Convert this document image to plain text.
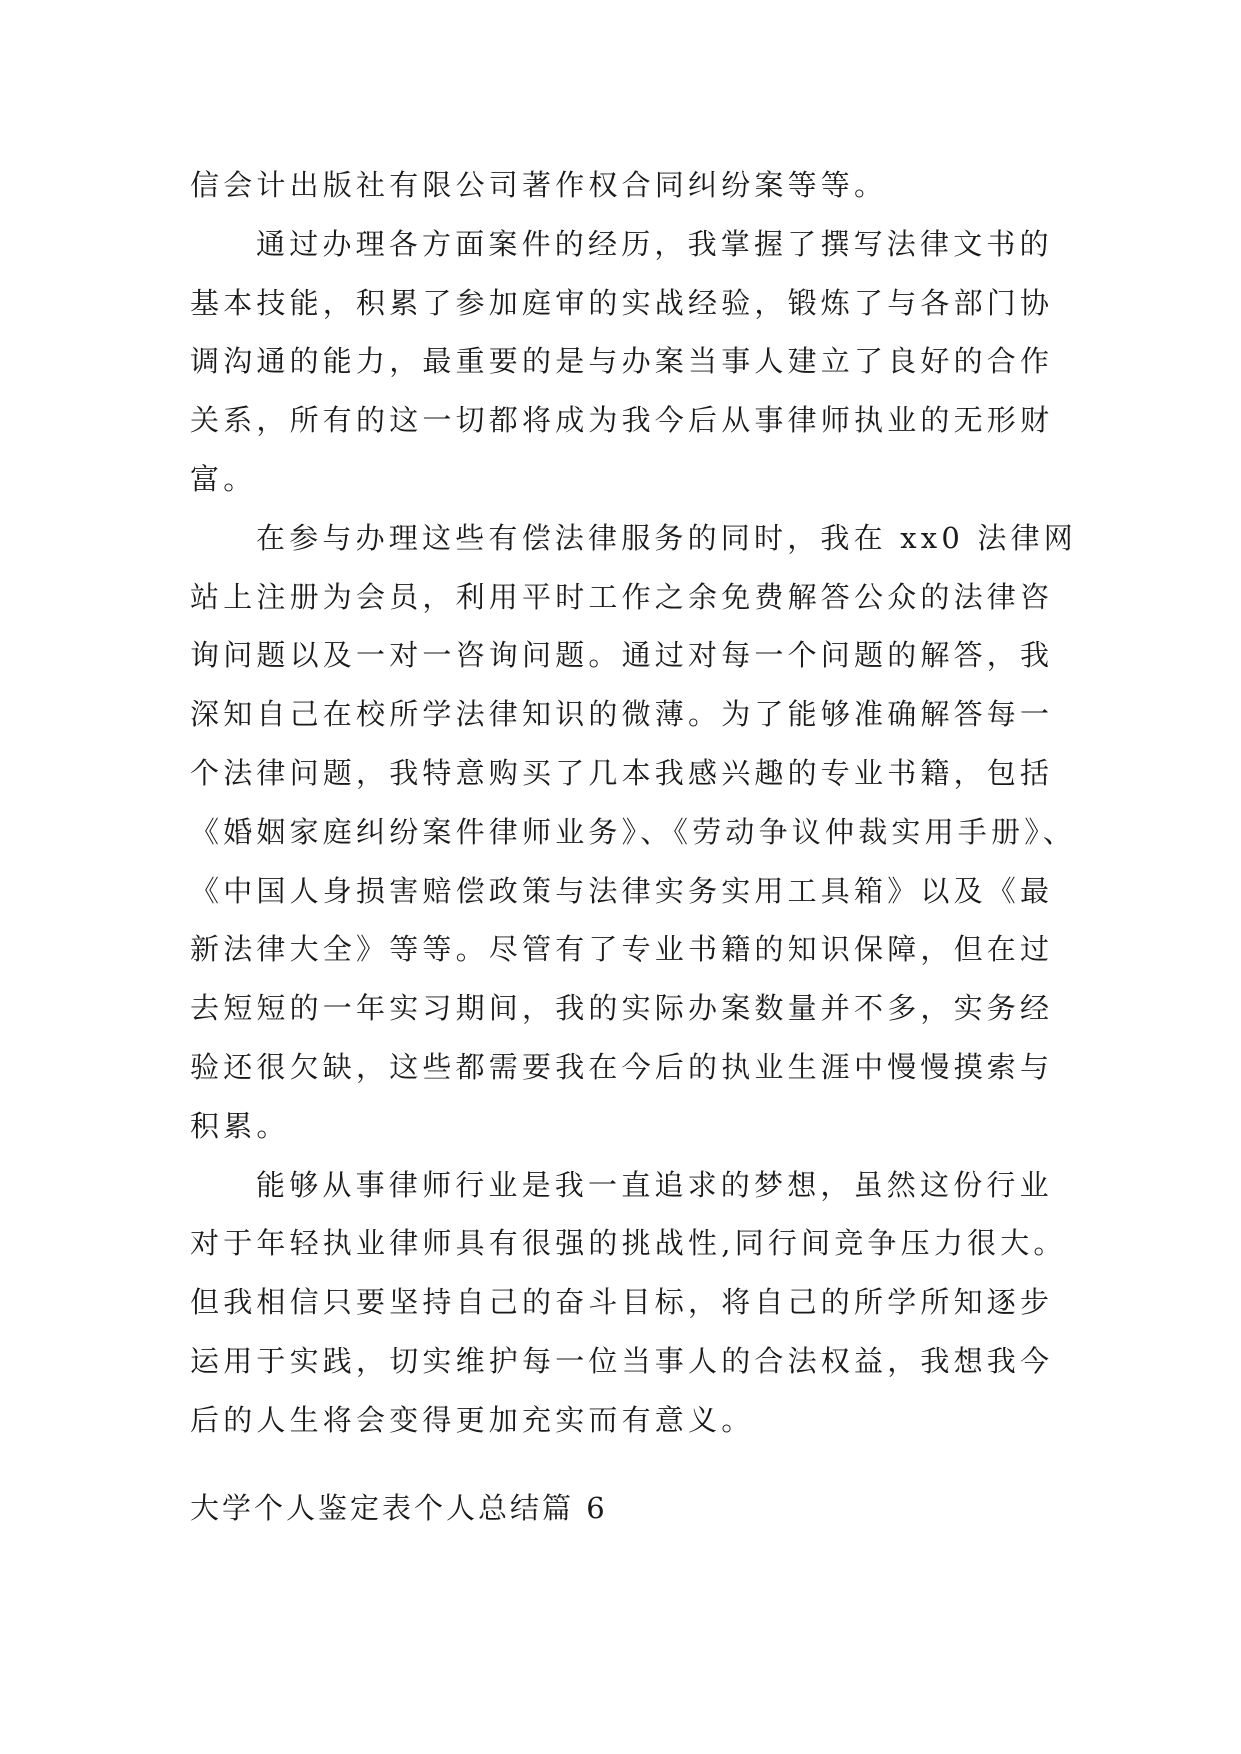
信会计出版社有限公司著作权合同纠纷案等等。
通过办理各方面案件的经历，我掌握了撰写法律文书的
基本技能，积累了参加庭审的实战经验，锻炼了与各部门协
调沟通的能力，最重要的是与办案当事人建立了良好的合作
关系，所有的这一切都将成为我今后从事律师执业的无形财
富。
在参与办理这些有偿法律服务的同时，我在 xx0 法律网
站上注册为会员，利用平时工作之余免费解答公众的法律咨
询问题以及一对一咨询问题。通过对每一个问题的解答，我
深知自己在校所学法律知识的微薄。为了能够准确解答每一
个法律问题，我特意购买了几本我感兴趣的专业书籍，包括
《婚姻家庭纠纷案件律师业务》、《劳动争议仲裁实用手册》、
《中国人身损害赔偿政策与法律实务实用工具箱》以及《最
新法律大全》等等。尽管有了专业书籍的知识保障，但在过
去短短的一年实习期间，我的实际办案数量并不多，实务经
验还很欠缺，这些都需要我在今后的执业生涯中慢慢摸索与
积累。
能够从事律师行业是我一直追求的梦想，虽然这份行业
对于年轻执业律师具有很强的挑战性,同行间竞争压力很大。
但我相信只要坚持自己的奋斗目标，将自己的所学所知逐步
运用于实践，切实维护每一位当事人的合法权益，我想我今
后的人生将会变得更加充实而有意义。
大学个人鉴定表个人总结篇 6
